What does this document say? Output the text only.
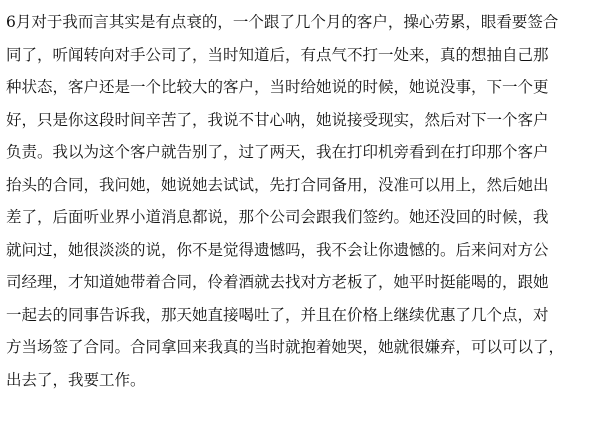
6月对于我而言其实是有点衰的，一个跟了几个月的客户，操心劳累，眼看要签合
同了，听闻转向对手公司了，当时知道后，有点气不打一处来，真的想抽自己那
种状态，客户还是一个比较大的客户，当时给她说的时候，她说没事，下一个更
好，只是你这段时间辛苦了，我说不甘心呐，她说接受现实，然后对下一个客户
负责。我以为这个客户就告别了，过了两天，我在打印机旁看到在打印那个客户
抬头的合同，我问她，她说她去试试，先打合同备用，没准可以用上，然后她出
差了，后面听业界小道消息都说，那个公司会跟我们签约。她还没回的时候，我
就问过，她很淡淡的说，你不是觉得遗憾吗，我不会让你遗憾的。后来问对方公
司经理，才知道她带着合同，伶着酒就去找对方老板了，她平时挺能喝的，跟她
一起去的同事告诉我，那天她直接喝吐了，并且在价格上继续优惠了几个点，对
方当场签了合同。合同拿回来我真的当时就抱着她哭，她就很嫌弃，可以可以了，
出去了，我要工作。
